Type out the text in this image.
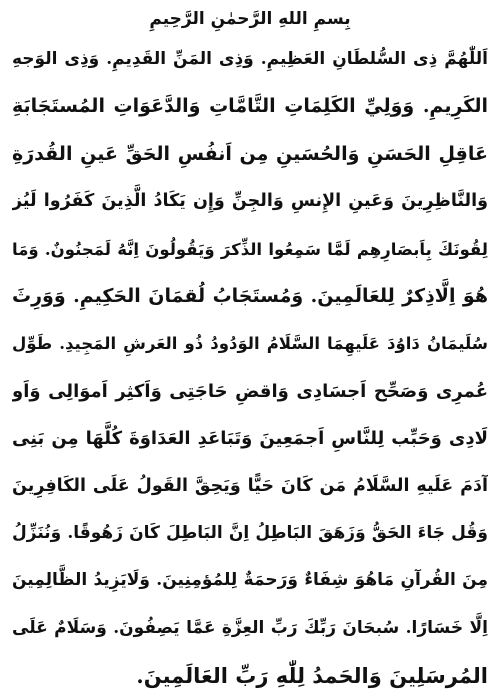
بِسمِ اللهِ الرَّحمٰنِ الرَّحِيمِ
اَللّٰهُمَّ ذِى السُّلطَانِ العَظِيمِ. وَذِى المَنِّ القَدِيمِ. وَذِى الوَجهِ
الكَرِيمِ. وَوَلِيِّ الكَلِمَاتِ التَّامَّاتِ وَالدَّعَوَاتِ المُستَجَابَةِ
عَاقِلِ الحَسَنِ وَالحُسَينِ مِن اَنفُسِ الحَقِّ عَينِ القُدرَةِ
وَالنَّاظِرِينَ وَعَينِ الإِنسِ وَالجِنِّ وَإِن يَكَادُ الَّذِينَ كَفَرُوا لَيُز
لِقُونَكَ بِاَبصَارِهِم لَمَّا سَمِعُوا الذِّكرَ وَيَقُولُونَ اِنَّهُ لَمَجنُونٌ. وَمَا
هُوَ اِلَّاذِكرٌ لِلعَالَمِينَ. وَمُستَجَابُ لُقمَانَ الحَكِيمِ. وَوَرِثَ
سُلَيمَانُ دَاوُدَ عَلَيهِمَا السَّلَامُ الوَدُودُ ذُو العَرشِ المَجِيدِ. طَوِّل
عُمرِى وَصَحِّح اَجسَادِى وَاقضِ حَاجَتِى وَاَكثِر اَموَالِى وَاَو
لَادِى وَحَبِّب لِلنَّاسِ اَجمَعِينَ وَتَبَاعَدِ العَدَاوَةَ كُلَّهَا مِن بَنِى
آدَمَ عَلَيهِ السَّلَامُ مَن كَانَ حَيًّا وَيَحِقَّ القَولُ عَلَى الكَافِرِينَ
وَقُل جَاءَ الحَقُّ وَزَهَقَ البَاطِلُ اِنَّ البَاطِلَ كَانَ زَهُوقًا. وَنُنَزِّلُ
مِنَ القُرآنِ مَاهُوَ شِفَاءٌ وَرَحمَةٌ لِلمُؤمِنِينَ. وَلَايَزِيدُ الظَّالِمِينَ
اِلَّا خَسَارًا. سُبحَانَ رَبِّكَ رَبِّ العِزَّةِ عَمَّا يَصِفُونَ. وَسَلَامٌ عَلَى
المُرسَلِينَ وَالحَمدُ لِلّٰهِ رَبِّ العَالَمِينَ.
